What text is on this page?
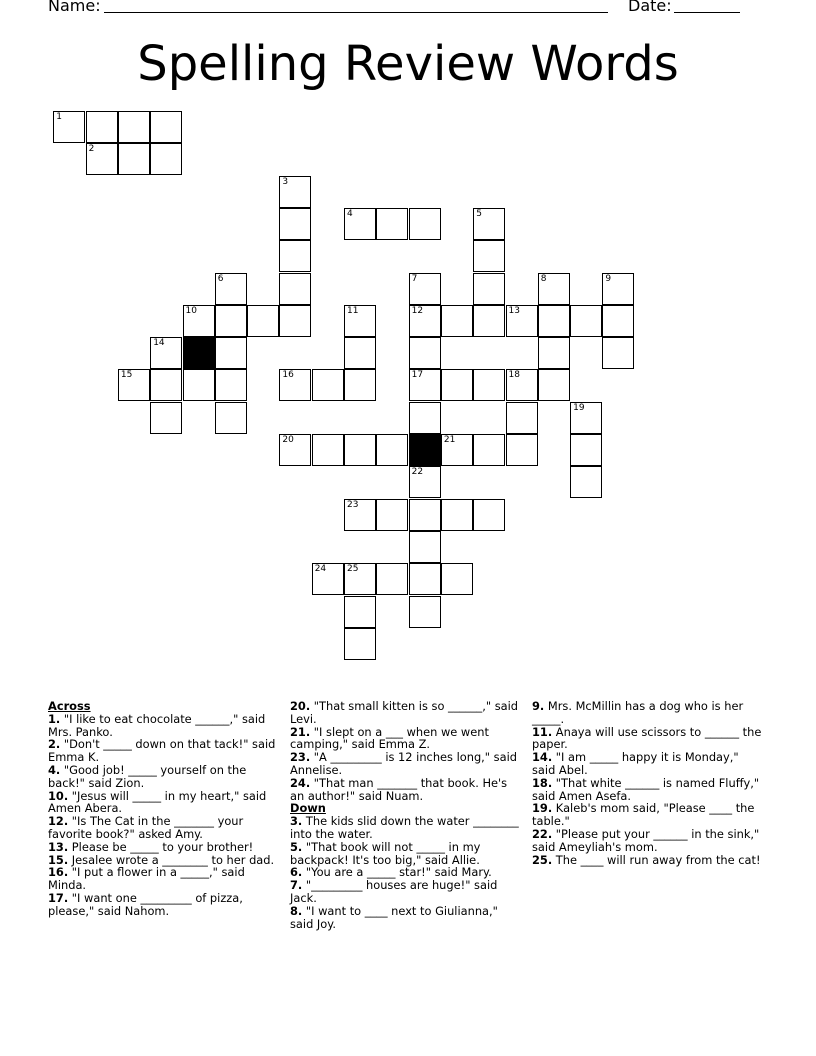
Name:	Date:
Spelling Review Words
1
2
3
4	5
6	7	8	9
10	11	12	13
14
15	16	17	18
19
20	21
22
23
24 25
Across
1. "I like to eat chocolate ______," said Mrs. Panko.
2. "Don't _____ down on that tack!" said Emma K.
4. "Good job! _____ yourself on the back!" said Zion.
10. "Jesus will _____ in my heart," said Amen Abera.
12. "Is The Cat in the _______ your favorite book?" asked Amy.
13. Please be _____ to your brother!
15. Jesalee wrote a ________ to her dad.
16. "I put a flower in a _____," said Minda.
17. "I want one _________ of pizza, please," said Nahom.
20. "That small kitten is so ______," said Levi.
21. "I slept on a ___ when we went camping," said Emma Z.
23. "A _________ is 12 inches long," said Annelise.
24. "That man _______ that book. He's an author!" said Nuam.
Down
3. The kids slid down the water ________ into the water.
5. "That book will not _____ in my backpack! It's too big," said Allie.
6. "You are a _____ star!" said Mary.
7. "_________ houses are huge!" said Jack.
8. "I want to ____ next to Giulianna," said Joy.
9. Mrs. McMillin has a dog who is her _____.
11. Anaya will use scissors to ______ the paper.
14. "I am _____ happy it is Monday," said Abel.
18. "That white ______ is named Fluffy," said Amen Asefa.
19. Kaleb's mom said, "Please ____ the table."
22. "Please put your ______ in the sink," said Ameyliah's mom.
25. The ____ will run away from the cat!
